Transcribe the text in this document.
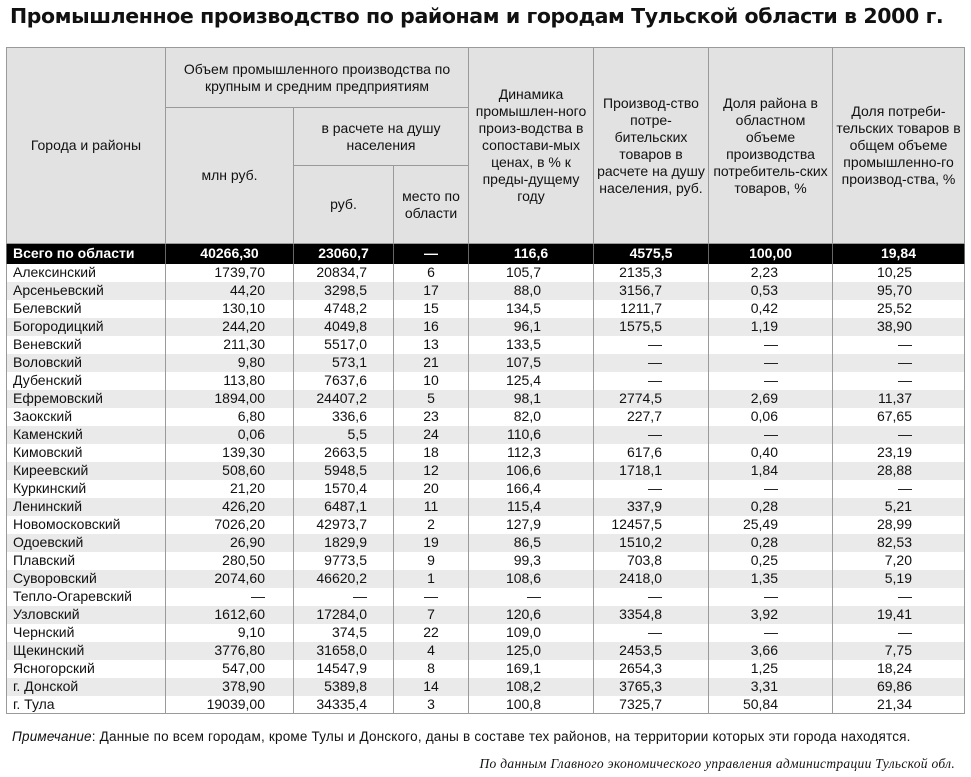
Промышленное производство по районам и городам Тульской области в 2000 г.
Города и районы	Объем промышленного производства по крупным и средним предприятиям			Динамика промышлен-ного произ-водства в сопостави-мых ценах, в % к преды-дущему году	Производ-ство потре-бительских товаров в расчете на душу населения, руб.	Доля района в областном объеме производства потребитель-ских товаров, %	Доля потреби-тельских товаров в общем объеме промышленно-го производ-ства, %
	млн руб.	в расчете на душу населения					
		руб.	место по области				
Всего по области	40266,30	23060,7	—	116,6	4575,5	100,00	19,84
Алексинский	1739,70	20834,7	6	105,7	2135,3	2,23	10,25
Арсеньевский	44,20	3298,5	17	88,0	3156,7	0,53	95,70
Белевский	130,10	4748,2	15	134,5	1211,7	0,42	25,52
Богородицкий	244,20	4049,8	16	96,1	1575,5	1,19	38,90
Веневский	211,30	5517,0	13	133,5	—	—	—
Воловский	9,80	573,1	21	107,5	—	—	—
Дубенский	113,80	7637,6	10	125,4	—	—	—
Ефремовский	1894,00	24407,2	5	98,1	2774,5	2,69	11,37
Заокский	6,80	336,6	23	82,0	227,7	0,06	67,65
Каменский	0,06	5,5	24	110,6	—	—	—
Кимовский	139,30	2663,5	18	112,3	617,6	0,40	23,19
Киреевский	508,60	5948,5	12	106,6	1718,1	1,84	28,88
Куркинский	21,20	1570,4	20	166,4	—	—	—
Ленинский	426,20	6487,1	11	115,4	337,9	0,28	5,21
Новомосковский	7026,20	42973,7	2	127,9	12457,5	25,49	28,99
Одоевский	26,90	1829,9	19	86,5	1510,2	0,28	82,53
Плавский	280,50	9773,5	9	99,3	703,8	0,25	7,20
Суворовский	2074,60	46620,2	1	108,6	2418,0	1,35	5,19
Тепло-Огаревский	—	—	—	—	—	—	—
Узловский	1612,60	17284,0	7	120,6	3354,8	3,92	19,41
Чернский	9,10	374,5	22	109,0	—	—	—
Щекинский	3776,80	31658,0	4	125,0	2453,5	3,66	7,75
Ясногорский	547,00	14547,9	8	169,1	2654,3	1,25	18,24
г. Донской	378,90	5389,8	14	108,2	3765,3	3,31	69,86
г. Тула	19039,00	34335,4	3	100,8	7325,7	50,84	21,34
Примечание: Данные по всем городам, кроме Тулы и Донского, даны в составе тех районов, на территории которых эти города находятся.
По данным Главного экономического управления администрации Тульской обл.
